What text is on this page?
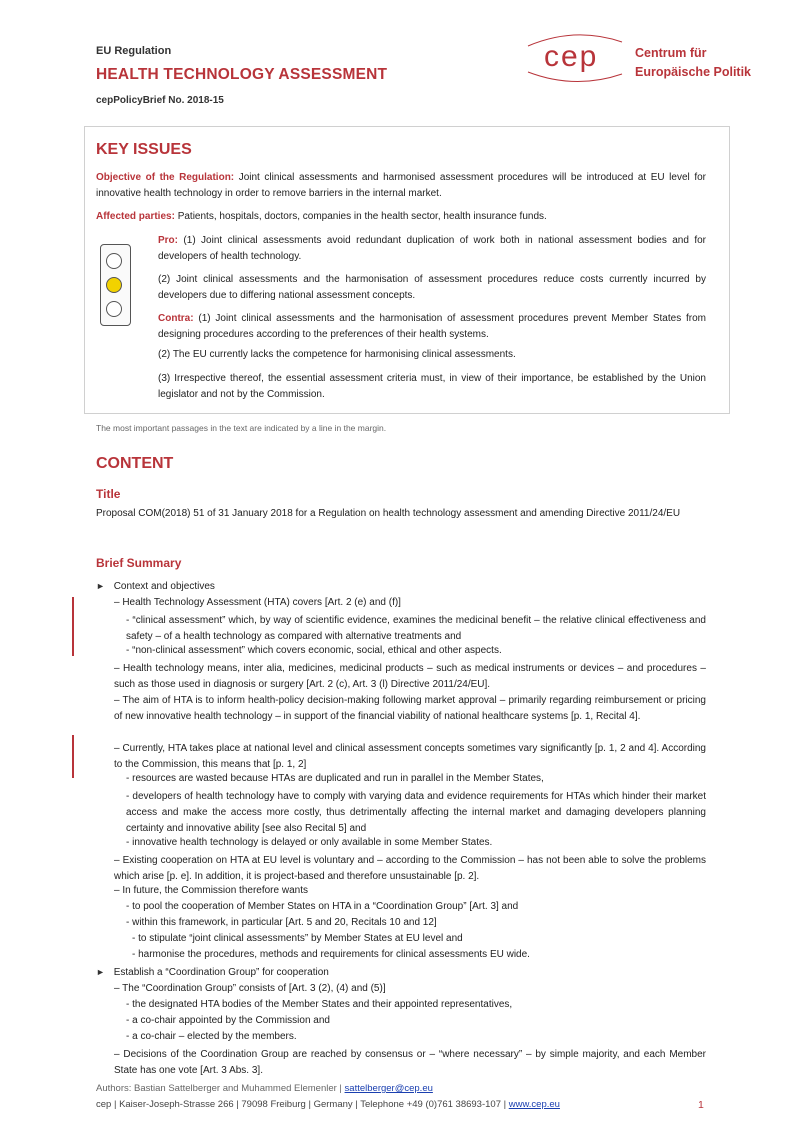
EU Regulation
HEALTH TECHNOLOGY ASSESSMENT
cepPolicyBrief No. 2018-15
cep	Centrum für
Europäische Politik
KEY ISSUES
Objective of the Regulation: Joint clinical assessments and harmonised assessment procedures will be introduced at EU level for innovative health technology in order to remove barriers in the internal market.
Affected parties: Patients, hospitals, doctors, companies in the health sector, health insurance funds.
Pro: (1) Joint clinical assessments avoid redundant duplication of work both in national assessment bodies and for developers of health technology.
(2) Joint clinical assessments and the harmonisation of assessment procedures reduce costs currently incurred by developers due to differing national assessment concepts.
Contra: (1) Joint clinical assessments and the harmonisation of assessment procedures prevent Member States from designing procedures according to the preferences of their health systems.
(2) The EU currently lacks the competence for harmonising clinical assessments.
(3) Irrespective thereof, the essential assessment criteria must, in view of their importance, be established by the Union legislator and not by the Commission.
The most important passages in the text are indicated by a line in the margin.
CONTENT
Title
Proposal COM(2018) 51 of 31 January 2018 for a Regulation on health technology assessment and amending Directive 2011/24/EU
Brief Summary
► Context and objectives
– Health Technology Assessment (HTA) covers [Art. 2 (e) and (f)]
- “clinical assessment” which, by way of scientific evidence, examines the medicinal benefit – the relative clinical effectiveness and safety – of a health technology as compared with alternative treatments and
- “non-clinical assessment” which covers economic, social, ethical and other aspects.
– Health technology means, inter alia, medicines, medicinal products – such as medical instruments or devices – and procedures – such as those used in diagnosis or surgery [Art. 2 (c), Art. 3 (l) Directive 2011/24/EU].
– The aim of HTA is to inform health-policy decision-making following market approval – primarily regarding reimbursement or pricing of new innovative health technology – in support of the financial viability of national healthcare systems [p. 1, Recital 4].
– Currently, HTA takes place at national level and clinical assessment concepts sometimes vary significantly [p. 1, 2 and 4]. According to the Commission, this means that [p. 1, 2]
- resources are wasted because HTAs are duplicated and run in parallel in the Member States,
- developers of health technology have to comply with varying data and evidence requirements for HTAs which hinder their market access and make the access more costly, thus detrimentally affecting the internal market and damaging developers planning certainty and innovative ability [see also Recital 5] and
- innovative health technology is delayed or only available in some Member States.
– Existing cooperation on HTA at EU level is voluntary and – according to the Commission – has not been able to solve the problems which arise [p. e]. In addition, it is project-based and therefore unsustainable [p. 2].
– In future, the Commission therefore wants
- to pool the cooperation of Member States on HTA in a “Coordination Group” [Art. 3] and
- within this framework, in particular [Art. 5 and 20, Recitals 10 and 12]
- to stipulate “joint clinical assessments” by Member States at EU level and
- harmonise the procedures, methods and requirements for clinical assessments EU wide.
► Establish a “Coordination Group” for cooperation
– The “Coordination Group” consists of [Art. 3 (2), (4) and (5)]
- the designated HTA bodies of the Member States and their appointed representatives,
- a co-chair appointed by the Commission and
- a co-chair – elected by the members.
– Decisions of the Coordination Group are reached by consensus or – “where necessary” – by simple majority, and each Member State has one vote [Art. 3 Abs. 3].
Authors: Bastian Sattelberger and Muhammed Elemenler | sattelberger@cep.eu
cep | Kaiser-Joseph-Strasse 266 | 79098 Freiburg | Germany | Telephone +49 (0)761 38693-107 | www.cep.eu	1
